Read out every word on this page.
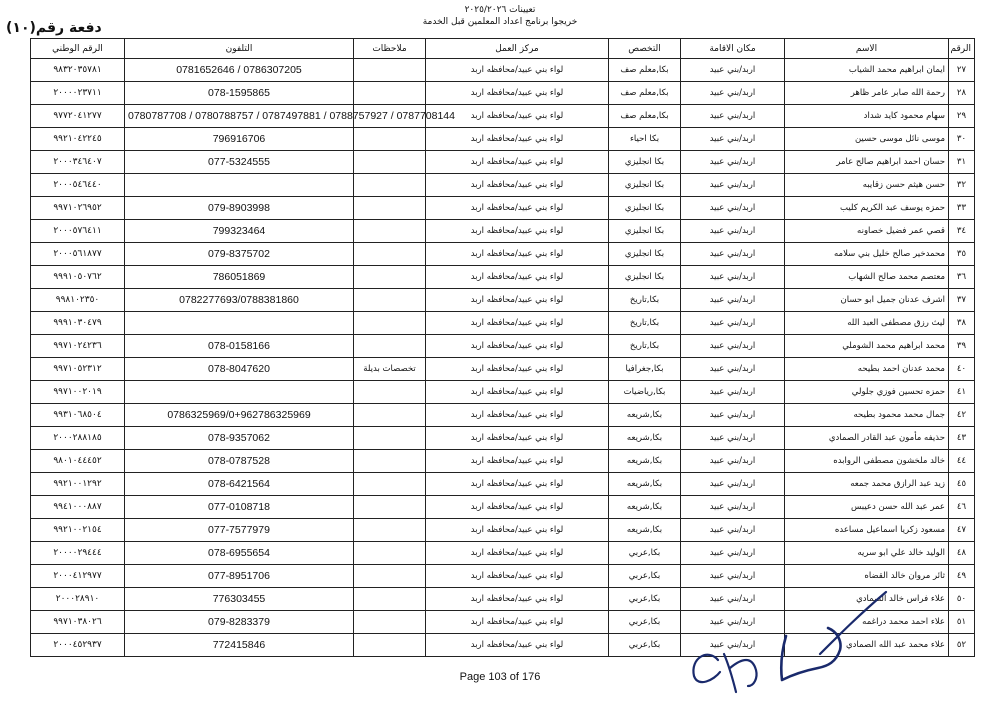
تعيينات ٢٠٢٥/٢٠٢٦
خريجوا برنامج اعداد المعلمين قبل الخدمة
دفعة رقم(١٠)
الرقم	الاسم	مكان الاقامة	التخصص	مركز العمل	ملاحظات	التلفون	الرقم الوطني
٢٧	ايمان ابراهيم محمد الشياب	اربد/بني عبيد	بكا,معلم صف	لواء بني عبيد/محافظه اربد		0781652646 / 0786307205	٩٨٣٢٠٣٥٧٨١
٢٨	رحمة الله صابر عامر ظاهر	اربد/بني عبيد	بكا,معلم صف	لواء بني عبيد/محافظه اربد		078-1595865	٢٠٠٠٠٢٣٧١١
٢٩	سهام محمود كايد شداد	اربد/بني عبيد	بكا,معلم صف	لواء بني عبيد/محافظه اربد		0780787708 / 0780788757 / 0787497881 / 0788757927 / 0787708144	٩٧٧٢٠٤١٢٧٧
٣٠	موسى نائل موسى حسين	اربد/بني عبيد	بكا احياء	لواء بني عبيد/محافظه اربد		796916706	٩٩٢١٠٤٢٢٤٥
٣١	حسان احمد ابراهيم صالح عامر	اربد/بني عبيد	بكا انجليزي	لواء بني عبيد/محافظه اربد		077-5324555	٢٠٠٠٣٤٦٤٠٧
٣٢	حسن هيثم حسن زقايبه	اربد/بني عبيد	بكا انجليزي	لواء بني عبيد/محافظه اربد			٢٠٠٠٥٤٦٤٤٠
٣٣	حمزه يوسف عبد الكريم كليب	اربد/بني عبيد	بكا انجليزي	لواء بني عبيد/محافظه اربد		079-8903998	٩٩٧١٠٢٦٩٥٢
٣٤	قصي عمر فضيل خصاونه	اربد/بني عبيد	بكا انجليزي	لواء بني عبيد/محافظه اربد		799323464	٢٠٠٠٥٧٦٤١١
٣٥	محمدخير صالح خليل بني سلامه	اربد/بني عبيد	بكا انجليزي	لواء بني عبيد/محافظه اربد		079-8375702	٢٠٠٠٥٦١٨٧٧
٣٦	معتصم محمد صالح الشهاب	اربد/بني عبيد	بكا انجليزي	لواء بني عبيد/محافظه اربد		786051869	٩٩٩١٠٥٠٧٦٢
٣٧	اشرف عدنان جميل ابو حسان	اربد/بني عبيد	بكا,تاريخ	لواء بني عبيد/محافظه اربد		0782277693/0788381860	٩٩٨١٠٢٣٥٠
٣٨	ليث رزق مصطفى العبد الله	اربد/بني عبيد	بكا,تاريخ	لواء بني عبيد/محافظه اربد			٩٩٩١٠٣٠٤٧٩
٣٩	محمد ابراهيم محمد الشوملي	اربد/بني عبيد	بكا,تاريخ	لواء بني عبيد/محافظه اربد		078-0158166	٩٩٧١٠٢٤٢٣٦
٤٠	محمد عدنان احمد بطيحه	اربد/بني عبيد	بكا,جغرافيا	لواء بني عبيد/محافظه اربد	تخصصات بديلة	078-8047620	٩٩٧١٠٥٢٣١٢
٤١	حمزه تحسين فوزي جلولي	اربد/بني عبيد	بكا,رياضيات	لواء بني عبيد/محافظه اربد			٩٩٧١٠٠٢٠١٩
٤٢	جمال محمد محمود بطيحه	اربد/بني عبيد	بكا,شريعه	لواء بني عبيد/محافظه اربد		0786325969/0+962786325969	٩٩٣١٠٦٨٥٠٤
٤٣	حذيفه مأمون عبد القادر الصمادي	اربد/بني عبيد	بكا,شريعه	لواء بني عبيد/محافظه اربد		078-9357062	٢٠٠٠٢٨٨١٨٥
٤٤	خالد ملخشون مصطفى الروابده	اربد/بني عبيد	بكا,شريعه	لواء بني عبيد/محافظه اربد		078-0787528	٩٨٠١٠٤٤٤٥٢
٤٥	زيد عبد الرازق محمد جمعه	اربد/بني عبيد	بكا,شريعه	لواء بني عبيد/محافظه اربد		078-6421564	٩٩٢١٠٠١٢٩٢
٤٦	عمر عبد الله حسن دعيبس	اربد/بني عبيد	بكا,شريعه	لواء بني عبيد/محافظه اربد		077-0108718	٩٩٤١٠٠٠٨٨٧
٤٧	مسعود زكريا اسماعيل مساعده	اربد/بني عبيد	بكا,شريعه	لواء بني عبيد/محافظه اربد		077-7577979	٩٩٢١٠٠٢١٥٤
٤٨	الوليد خالد علي ابو سريه	اربد/بني عبيد	بكا,عربي	لواء بني عبيد/محافظه اربد		078-6955654	٢٠٠٠٠٢٩٤٤٤
٤٩	ثائر مروان خالد القضاه	اربد/بني عبيد	بكا,عربي	لواء بني عبيد/محافظه اربد		077-8951706	٢٠٠٠٤١٢٩٧٧
٥٠	علاء فراس خالد الصمادي	اربد/بني عبيد	بكا,عربي	لواء بني عبيد/محافظه اربد		776303455	٢٠٠٠٢٨٩١٠
٥١	علاء احمد محمد دراغمه	اربد/بني عبيد	بكا,عربي	لواء بني عبيد/محافظه اربد		079-8283379	٩٩٧١٠٣٨٠٢٦
٥٢	علاء محمد عبد الله الصمادي	اربد/بني عبيد	بكا,عربي	لواء بني عبيد/محافظه اربد		772415846	٢٠٠٠٤٥٢٩٣٧
Page 103 of 176
